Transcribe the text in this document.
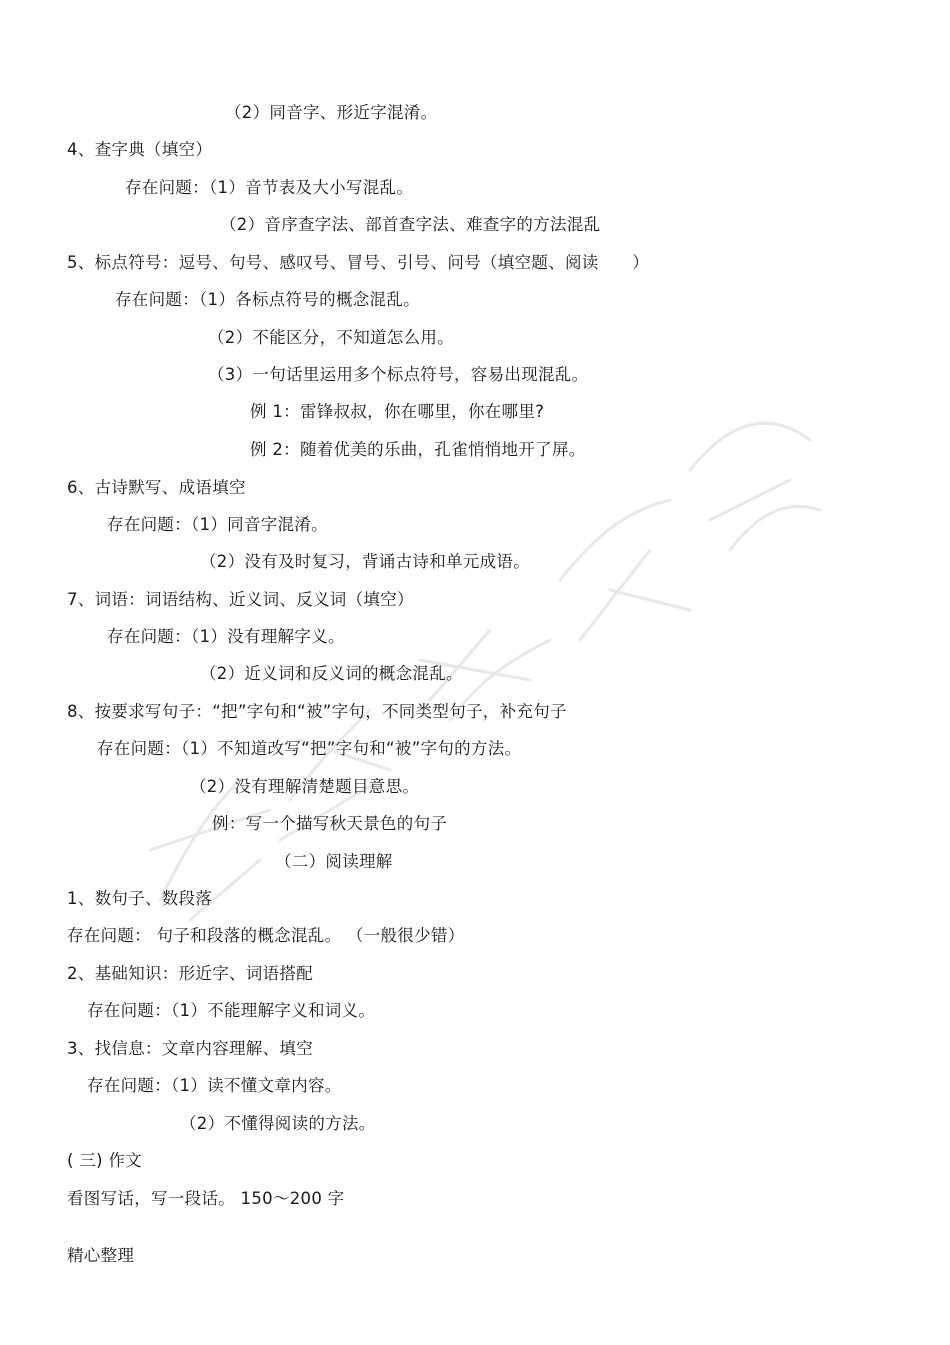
（2）同音字、形近字混淆。
4、查字典（填空）
存在问题：（1）音节表及大小写混乱。
（2）音序查字法、部首查字法、难查字的方法混乱
5、标点符号：逗号、句号、感叹号、冒号、引号、问号（填空题、阅读　　）
存在问题：（1）各标点符号的概念混乱。
（2）不能区分，不知道怎么用。
（3）一句话里运用多个标点符号，容易出现混乱。
例 1：雷锋叔叔，你在哪里，你在哪里?
例 2：随着优美的乐曲，孔雀悄悄地开了屏。
6、古诗默写、成语填空
存在问题：（1）同音字混淆。
（2）没有及时复习，背诵古诗和单元成语。
7、词语：词语结构、近义词、反义词（填空）
存在问题：（1）没有理解字义。
（2）近义词和反义词的概念混乱。
8、按要求写句子：“把”字句和“被”字句，不同类型句子，补充句子
存在问题：（1）不知道改写“把”字句和“被”字句的方法。
（2）没有理解清楚题目意思。
例：写一个描写秋天景色的句子
（二）阅读理解
1、数句子、数段落
存在问题： 句子和段落的概念混乱。 （一般很少错）
2、基础知识：形近字、词语搭配
存在问题：（1）不能理解字义和词义。
3、找信息：文章内容理解、填空
存在问题：（1）读不懂文章内容。
（2）不懂得阅读的方法。
( 三) 作文
看图写话，写一段话。 150～200 字
精心整理
